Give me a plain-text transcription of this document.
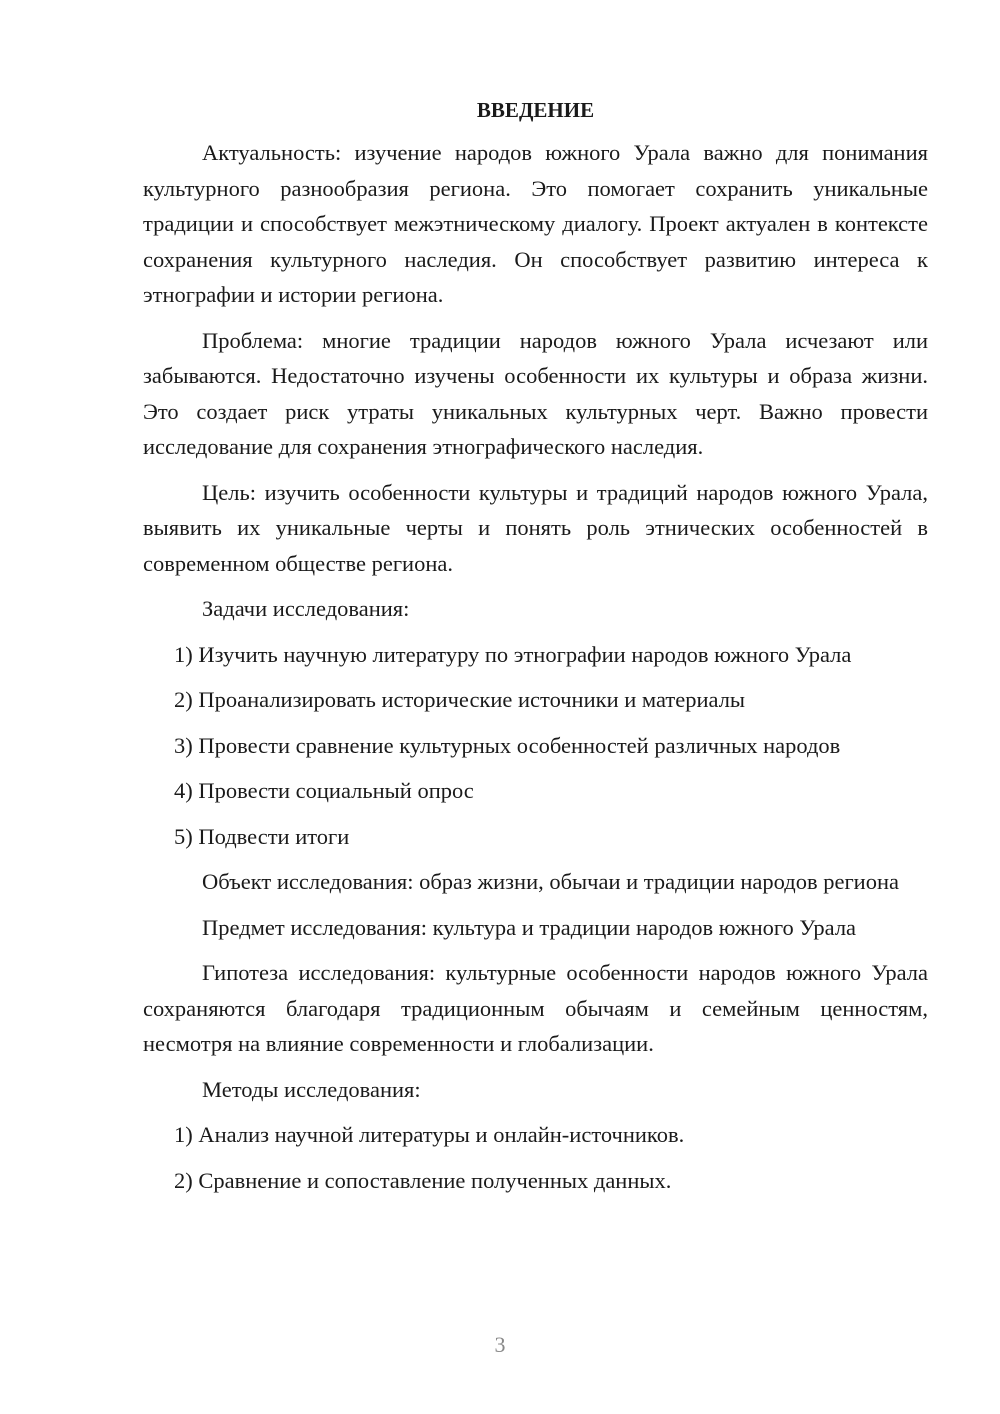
ВВЕДЕНИЕ

Актуальность: изучение народов южного Урала важно для понимания культурного разнообразия региона. Это помогает сохранить уникальные традиции и способствует межэтническому диалогу. Проект актуален в контексте сохранения культурного наследия. Он способствует развитию интереса к этнографии и истории региона.

Проблема: многие традиции народов южного Урала исчезают или забываются. Недостаточно изучены особенности их культуры и образа жизни. Это создает риск утраты уникальных культурных черт. Важно провести исследование для сохранения этнографического наследия.

Цель: изучить особенности культуры и традиций народов южного Урала, выявить их уникальные черты и понять роль этнических особенностей в современном обществе региона.

Задачи исследования:

1) Изучить научную литературу по этнографии народов южного Урала

2) Проанализировать исторические источники и материалы

3) Провести сравнение культурных особенностей различных народов

4) Провести социальный опрос

5) Подвести итоги

Объект исследования: образ жизни, обычаи и традиции народов региона

Предмет исследования: культура и традиции народов южного Урала

Гипотеза исследования: культурные особенности народов южного Урала сохраняются благодаря традиционным обычаям и семейным ценностям, несмотря на влияние современности и глобализации.

Методы исследования:

1) Анализ научной литературы и онлайн-источников.

2) Сравнение и сопоставление полученных данных.

3
